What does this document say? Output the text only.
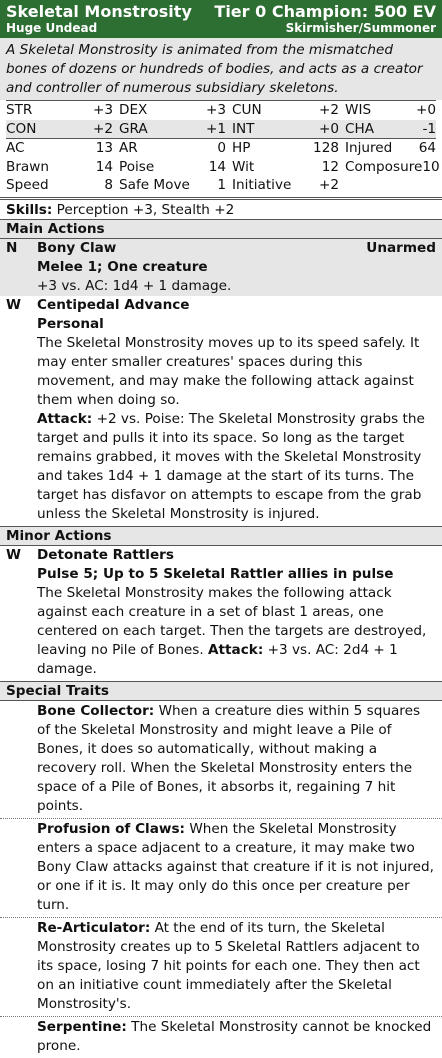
Skeletal Monstrosity Tier 0 Champion: 500 EV
Huge Undead	Skirmisher/Summoner
A Skeletal Monstrosity is animated from the mismatched bones of dozens or hundreds of bodies, and acts as a creator and controller of numerous subsidiary skeletons.
STR	+3 DEX	+3 CUN	+2 WIS	+0
CON	+2 GRA	+1 INT	+0 CHA	-1
AC	13 AR	0 HP	128 Injured 64
Brawn	14 Poise	14 Wit	12 Composure 10
Speed	8 Safe Move 1 Initiative +2
Skills: Perception +3, Stealth +2
Main Actions
N	Bony Claw	Unarmed
Melee 1; One creature
+3 vs. AC: 1d4 + 1 damage.
W	Centipedal Advance
Personal
The Skeletal Monstrosity moves up to its speed safely. It may enter smaller creatures' spaces during this movement, and may make the following attack against them when doing so.
Attack: +2 vs. Poise: The Skeletal Monstrosity grabs the target and pulls it into its space. So long as the target remains grabbed, it moves with the Skeletal Monstrosity and takes 1d4 + 1 damage at the start of its turns. The target has disfavor on attempts to escape from the grab unless the Skeletal Monstrosity is injured.
Minor Actions
W	Detonate Rattlers
Pulse 5; Up to 5 Skeletal Rattler allies in pulse
The Skeletal Monstrosity makes the following attack against each creature in a set of blast 1 areas, one centered on each target. Then the targets are destroyed, leaving no Pile of Bones. Attack: +3 vs. AC: 2d4 + 1 damage.
Special Traits
Bone Collector: When a creature dies within 5 squares of the Skeletal Monstrosity and might leave a Pile of Bones, it does so automatically, without making a recovery roll. When the Skeletal Monstrosity enters the space of a Pile of Bones, it absorbs it, regaining 7 hit points.
Profusion of Claws: When the Skeletal Monstrosity enters a space adjacent to a creature, it may make two Bony Claw attacks against that creature if it is not injured, or one if it is. It may only do this once per creature per turn.
Re-Articulator: At the end of its turn, the Skeletal Monstrosity creates up to 5 Skeletal Rattlers adjacent to its space, losing 7 hit points for each one. They then act on an initiative count immediately after the Skeletal Monstrosity's.
Serpentine: The Skeletal Monstrosity cannot be knocked prone.
